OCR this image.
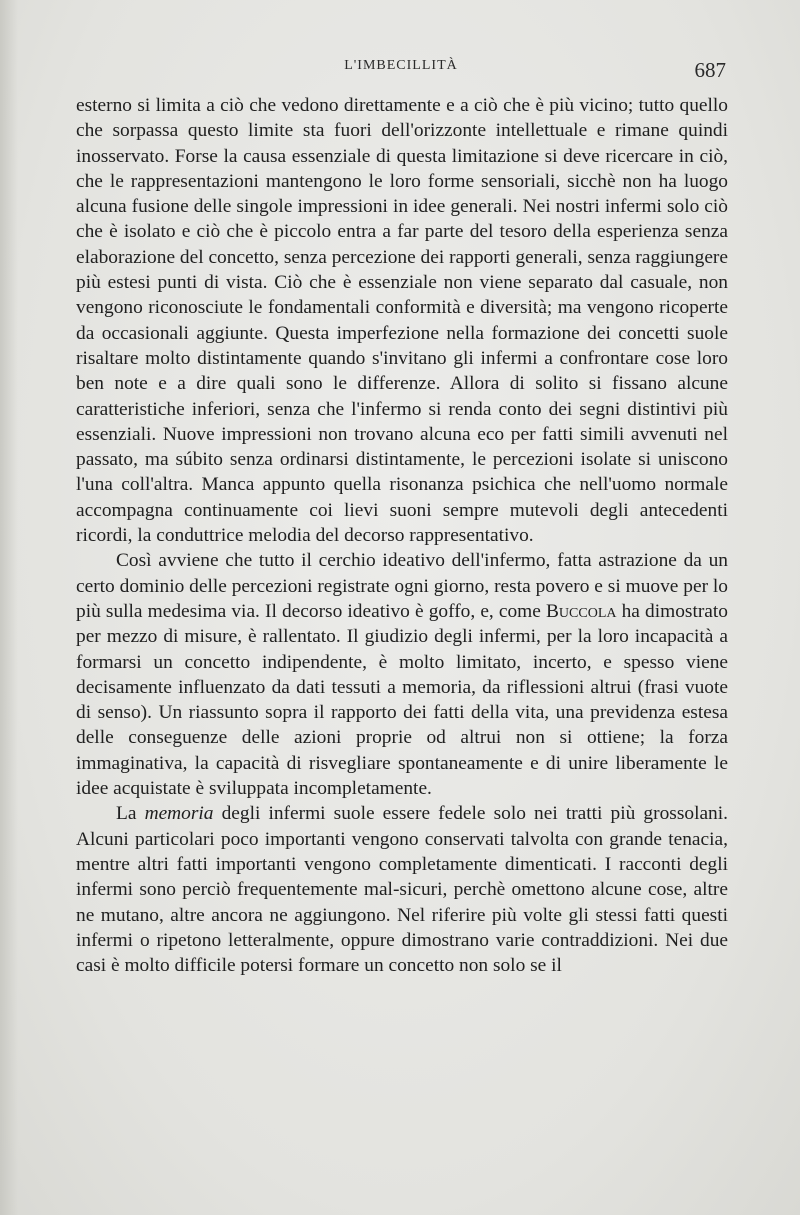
L'IMBECILLITÀ	687

esterno si limita a ciò che vedono direttamente e a ciò che è più vicino; tutto quello che sorpassa questo limite sta fuori dell'orizzonte intellettuale e rimane quindi inosservato. Forse la causa essenziale di questa limitazione si deve ricercare in ciò, che le rappresentazioni mantengono le loro forme sensoriali, sicchè non ha luogo alcuna fusione delle singole impressioni in idee generali. Nei nostri infermi solo ciò che è isolato e ciò che è piccolo entra a far parte del tesoro della esperienza senza elaborazione del concetto, senza percezione dei rapporti generali, senza raggiungere più estesi punti di vista. Ciò che è essenziale non viene separato dal casuale, non vengono riconosciute le fondamentali conformità e diversità; ma vengono ricoperte da occasionali aggiunte. Questa imperfezione nella formazione dei concetti suole risaltare molto distintamente quando s'invitano gli infermi a confrontare cose loro ben note e a dire quali sono le differenze. Allora di solito si fissano alcune caratteristiche inferiori, senza che l'infermo si renda conto dei segni distintivi più essenziali. Nuove impressioni non trovano alcuna eco per fatti simili avvenuti nel passato, ma súbito senza ordinarsi distintamente, le percezioni isolate si uniscono l'una coll'altra. Manca appunto quella risonanza psichica che nell'uomo normale accompagna continuamente coi lievi suoni sempre mutevoli degli antecedenti ricordi, la conduttrice melodia del decorso rappresentativo.

Così avviene che tutto il cerchio ideativo dell'infermo, fatta astrazione da un certo dominio delle percezioni registrate ogni giorno, resta povero e si muove per lo più sulla medesima via. Il decorso ideativo è goffo, e, come Buccola ha dimostrato per mezzo di misure, è rallentato. Il giudizio degli infermi, per la loro incapacità a formarsi un concetto indipendente, è molto limitato, incerto, e spesso viene decisamente influenzato da dati tessuti a memoria, da riflessioni altrui (frasi vuote di senso). Un riassunto sopra il rapporto dei fatti della vita, una previdenza estesa delle conseguenze delle azioni proprie od altrui non si ottiene; la forza immaginativa, la capacità di risvegliare spontaneamente e di unire liberamente le idee acquistate è sviluppata incompletamente.

La memoria degli infermi suole essere fedele solo nei tratti più grossolani. Alcuni particolari poco importanti vengono conservati talvolta con grande tenacia, mentre altri fatti importanti vengono completamente dimenticati. I racconti degli infermi sono perciò frequentemente mal-sicuri, perchè omettono alcune cose, altre ne mutano, altre ancora ne aggiungono. Nel riferire più volte gli stessi fatti questi infermi o ripetono letteralmente, oppure dimostrano varie contraddizioni. Nei due casi è molto difficile potersi formare un concetto non solo se il
